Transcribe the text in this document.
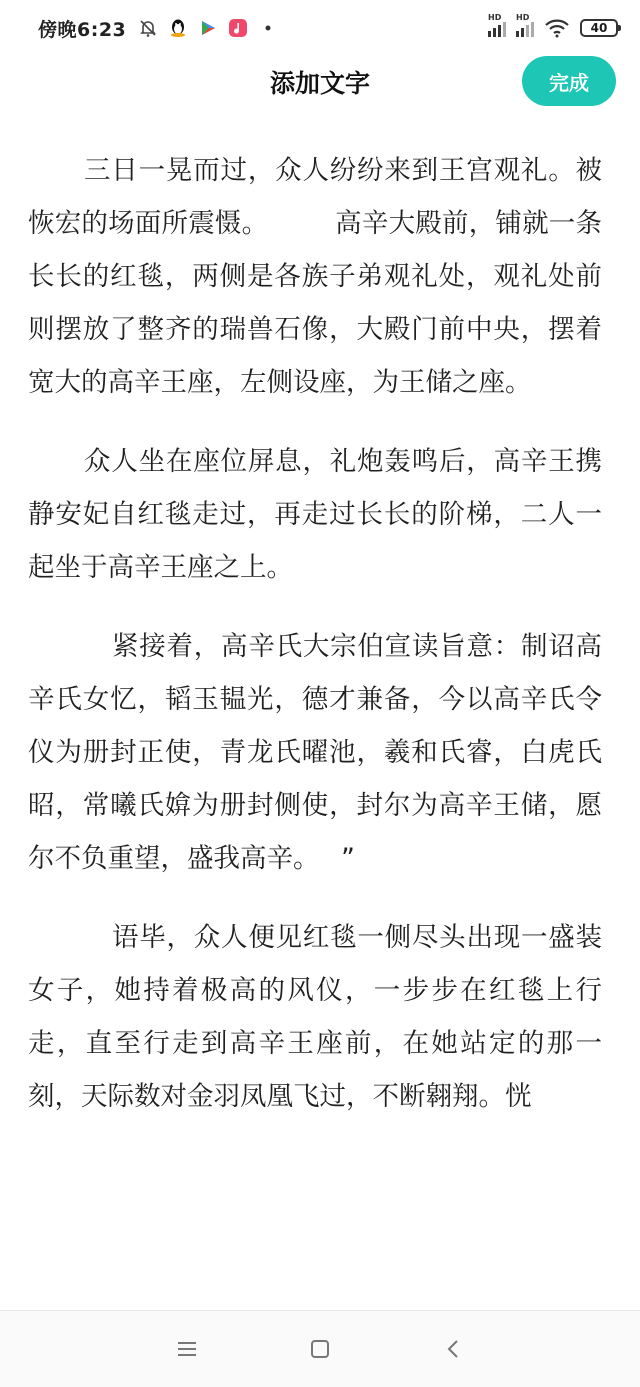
傍晚6:23
HD HD
40
添加文字	完成

三日一晃而过，众人纷纷来到王宫观礼。被恢宏的场面所震慑。　　　高辛大殿前，铺就一条长长的红毯，两侧是各族子弟观礼处，观礼处前则摆放了整齐的瑞兽石像，大殿门前中央，摆着宽大的高辛王座，左侧设座，为王储之座。

众人坐在座位屏息，礼炮轰鸣后，高辛王携静安妃自红毯走过，再走过长长的阶梯，二人一起坐于高辛王座之上。

紧接着，高辛氏大宗伯宣读旨意：制诏高辛氏女忆，韬玉韫光，德才兼备，今以高辛氏令仪为册封正使，青龙氏曜池，羲和氏睿，白虎氏昭，常曦氏媕为册封侧使，封尔为高辛王储，愿尔不负重望，盛我高辛。　 ”

语毕，众人便见红毯一侧尽头出现一盛装女子，她持着极高的风仪，一步步在红毯上行走，直至行走到高辛王座前，在她站定的那一刻，天际数对金羽凤凰飞过，不断翱翔。恍
